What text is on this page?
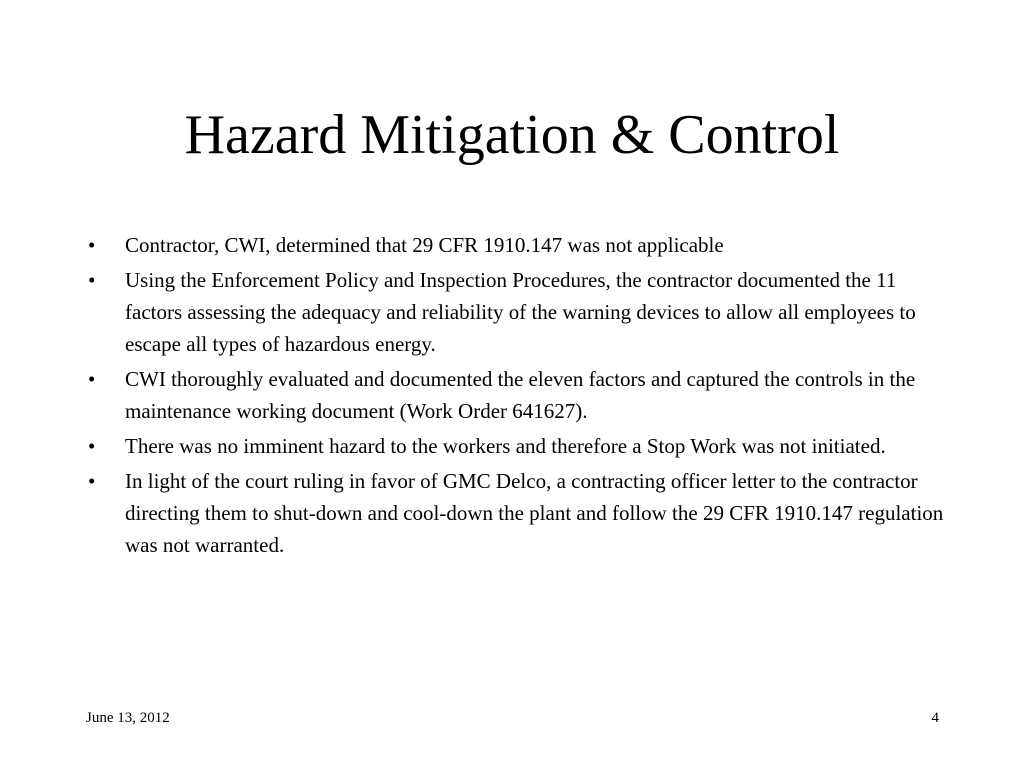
Hazard Mitigation & Control
•	Contractor, CWI, determined that 29 CFR 1910.147 was not applicable
•	Using the Enforcement Policy and Inspection Procedures, the contractor documented the 11 factors assessing the adequacy and reliability of the warning devices to allow all employees to escape all types of hazardous energy.
•	CWI thoroughly evaluated and documented the eleven factors and captured the controls in the maintenance working document (Work Order 641627).
•	There was no imminent hazard to the workers and therefore a Stop Work was not initiated.
•	In light of the court ruling in favor of GMC Delco, a contracting officer letter to the contractor directing them to shut-down and cool-down the plant and follow the 29 CFR 1910.147 regulation was not warranted.
June 13, 2012	4
